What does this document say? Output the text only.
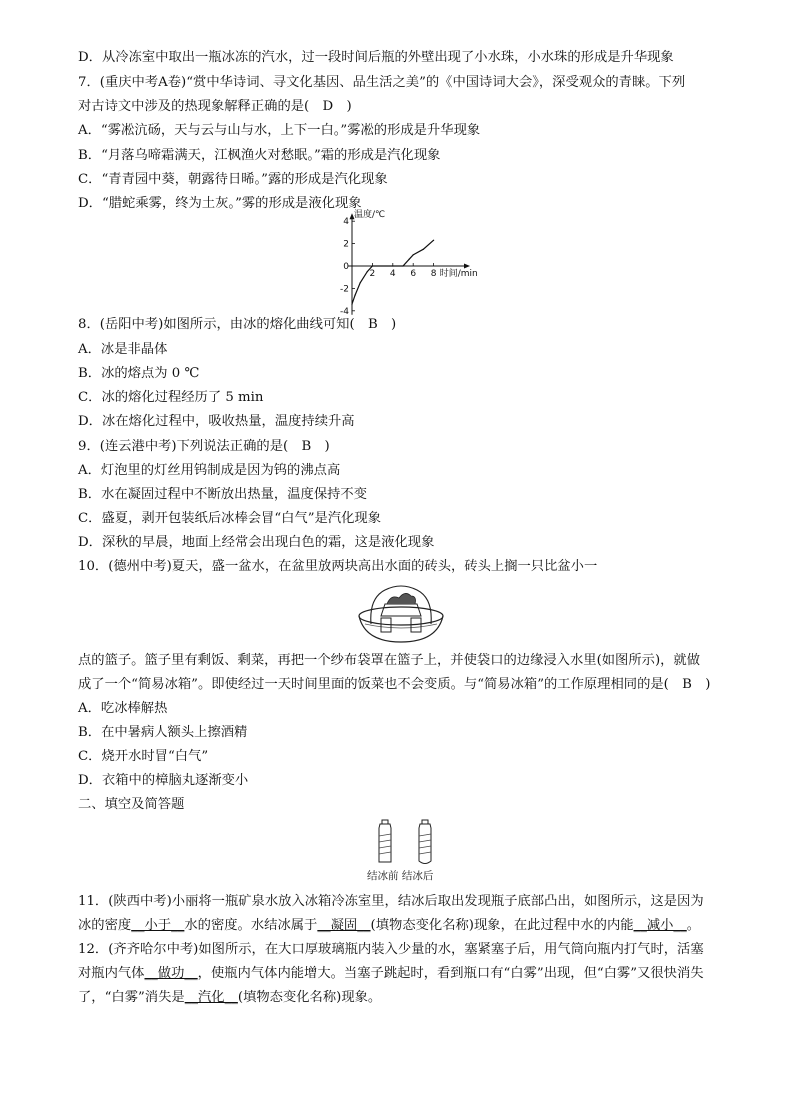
D．从冷冻室中取出一瓶冰冻的汽水，过一段时间后瓶的外壁出现了小水珠，小水珠的形成是升华现象
7．(重庆中考A卷)“赏中华诗词、寻文化基因、品生活之美”的《中国诗词大会》，深受观众的青睐。下列
对古诗文中涉及的热现象解释正确的是(　D　)
A．“雾凇沆砀，天与云与山与水，上下一白。”雾凇的形成是升华现象
B．“月落乌啼霜满天，江枫渔火对愁眠。”霜的形成是汽化现象
C．“青青园中葵，朝露待日晞。”露的形成是汽化现象
D．“腊蛇乘雾，终为土灰。”雾的形成是液化现象
4
2
0
-2
-4
2 4 6 8
温度/℃
时间/min
8．(岳阳中考)如图所示，由冰的熔化曲线可知(　B　)
A．冰是非晶体
B．冰的熔点为 0 ℃
C．冰的熔化过程经历了 5 min
D．冰在熔化过程中，吸收热量，温度持续升高
9．(连云港中考)下列说法正确的是(　B　)
A．灯泡里的灯丝用钨制成是因为钨的沸点高
B．水在凝固过程中不断放出热量，温度保持不变
C．盛夏，剥开包装纸后冰棒会冒“白气”是汽化现象
D．深秋的早晨，地面上经常会出现白色的霜，这是液化现象
10．(德州中考)夏天，盛一盆水，在盆里放两块高出水面的砖头，砖头上搁一只比盆小一
点的篮子。篮子里有剩饭、剩菜，再把一个纱布袋罩在篮子上，并使袋口的边缘浸入水里(如图所示)，就做
成了一个“简易冰箱”。即使经过一天时间里面的饭菜也不会变质。与“简易冰箱”的工作原理相同的是(　B　)
A．吃冰棒解热
B．在中暑病人额头上擦酒精
C．烧开水时冒“白气”
D．衣箱中的樟脑丸逐渐变小
二、填空及简答题
结冰前 结冰后
11．(陕西中考)小丽将一瓶矿泉水放入冰箱冷冻室里，结冰后取出发现瓶子底部凸出，如图所示，这是因为
冰的密度__小于__水的密度。水结冰属于__凝固__(填物态变化名称)现象，在此过程中水的内能__减小__。
12．(齐齐哈尔中考)如图所示，在大口厚玻璃瓶内装入少量的水，塞紧塞子后，用气筒向瓶内打气时，活塞
对瓶内气体__做功__，使瓶内气体内能增大。当塞子跳起时，看到瓶口有“白雾”出现，但“白雾”又很快消失
了，“白雾”消失是__汽化__(填物态变化名称)现象。
